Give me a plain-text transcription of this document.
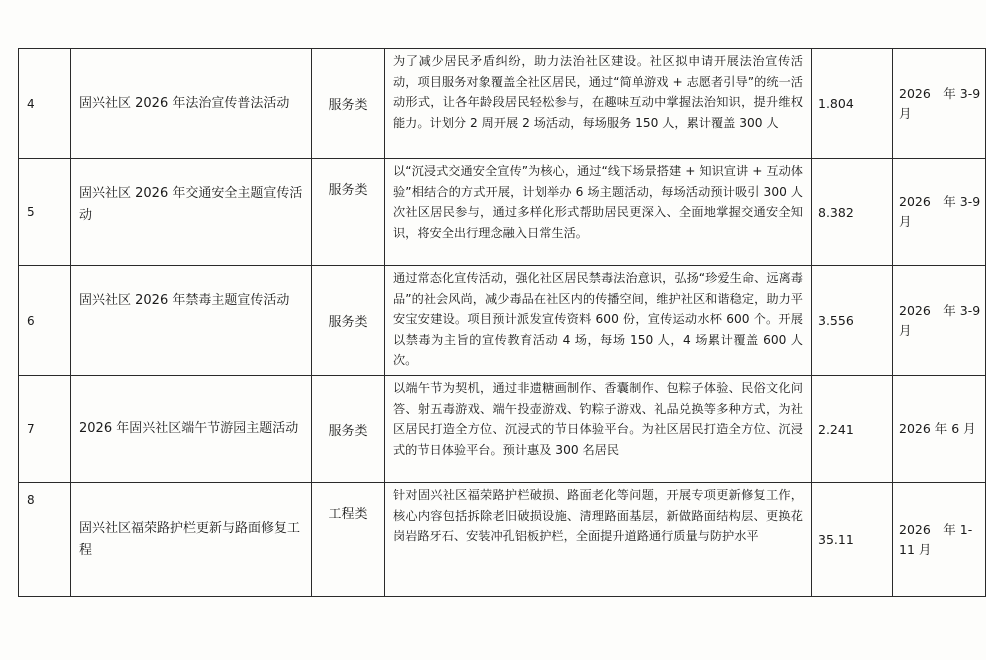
4	固兴社区 2026 年法治宣传普法活动	服务类	为了减少居民矛盾纠纷，助力法治社区建设。社区拟申请开展法治宣传活动，项目服务对象覆盖全社区居民，通过“简单游戏 + 志愿者引导”的统一活动形式，让各年龄段居民轻松参与，在趣味互动中掌握法治知识，提升维权能力。计划分 2 周开展 2 场活动，每场服务 150 人，累计覆盖 300 人	1.804	2026　年 3-9 月
5	固兴社区 2026 年交通安全主题宣传活动	服务类	以“沉浸式交通安全宣传”为核心，通过“线下场景搭建 + 知识宣讲 + 互动体验”相结合的方式开展，计划举办 6 场主题活动，每场活动预计吸引 300 人次社区居民参与，通过多样化形式帮助居民更深入、全面地掌握交通安全知识，将安全出行理念融入日常生活。	8.382	2026　年 3-9 月
6	固兴社区 2026 年禁毒主题宣传活动	服务类	通过常态化宣传活动，强化社区居民禁毒法治意识，弘扬“珍爱生命、远离毒品”的社会风尚，减少毒品在社区内的传播空间，维护社区和谐稳定，助力平安宝安建设。项目预计派发宣传资料 600 份，宣传运动水杯 600 个。开展以禁毒为主旨的宣传教育活动 4 场，每场 150 人，4 场累计覆盖 600 人次。	3.556	2026　年 3-9 月
7	2026 年固兴社区端午节游园主题活动	服务类	以端午节为契机，通过非遗糖画制作、香囊制作、包粽子体验、民俗文化问答、射五毒游戏、端午投壶游戏、钓粽子游戏、礼品兑换等多种方式，为社区居民打造全方位、沉浸式的节日体验平台。为社区居民打造全方位、沉浸式的节日体验平台。预计惠及 300 名居民	2.241	2026 年 6 月
8	固兴社区福荣路护栏更新与路面修复工程	工程类	针对固兴社区福荣路护栏破损、路面老化等问题，开展专项更新修复工作，核心内容包括拆除老旧破损设施、清理路面基层，新做路面结构层、更换花岗岩路牙石、安装冲孔铝板护栏，全面提升道路通行质量与防护水平	35.11	2026　年 1-11 月
